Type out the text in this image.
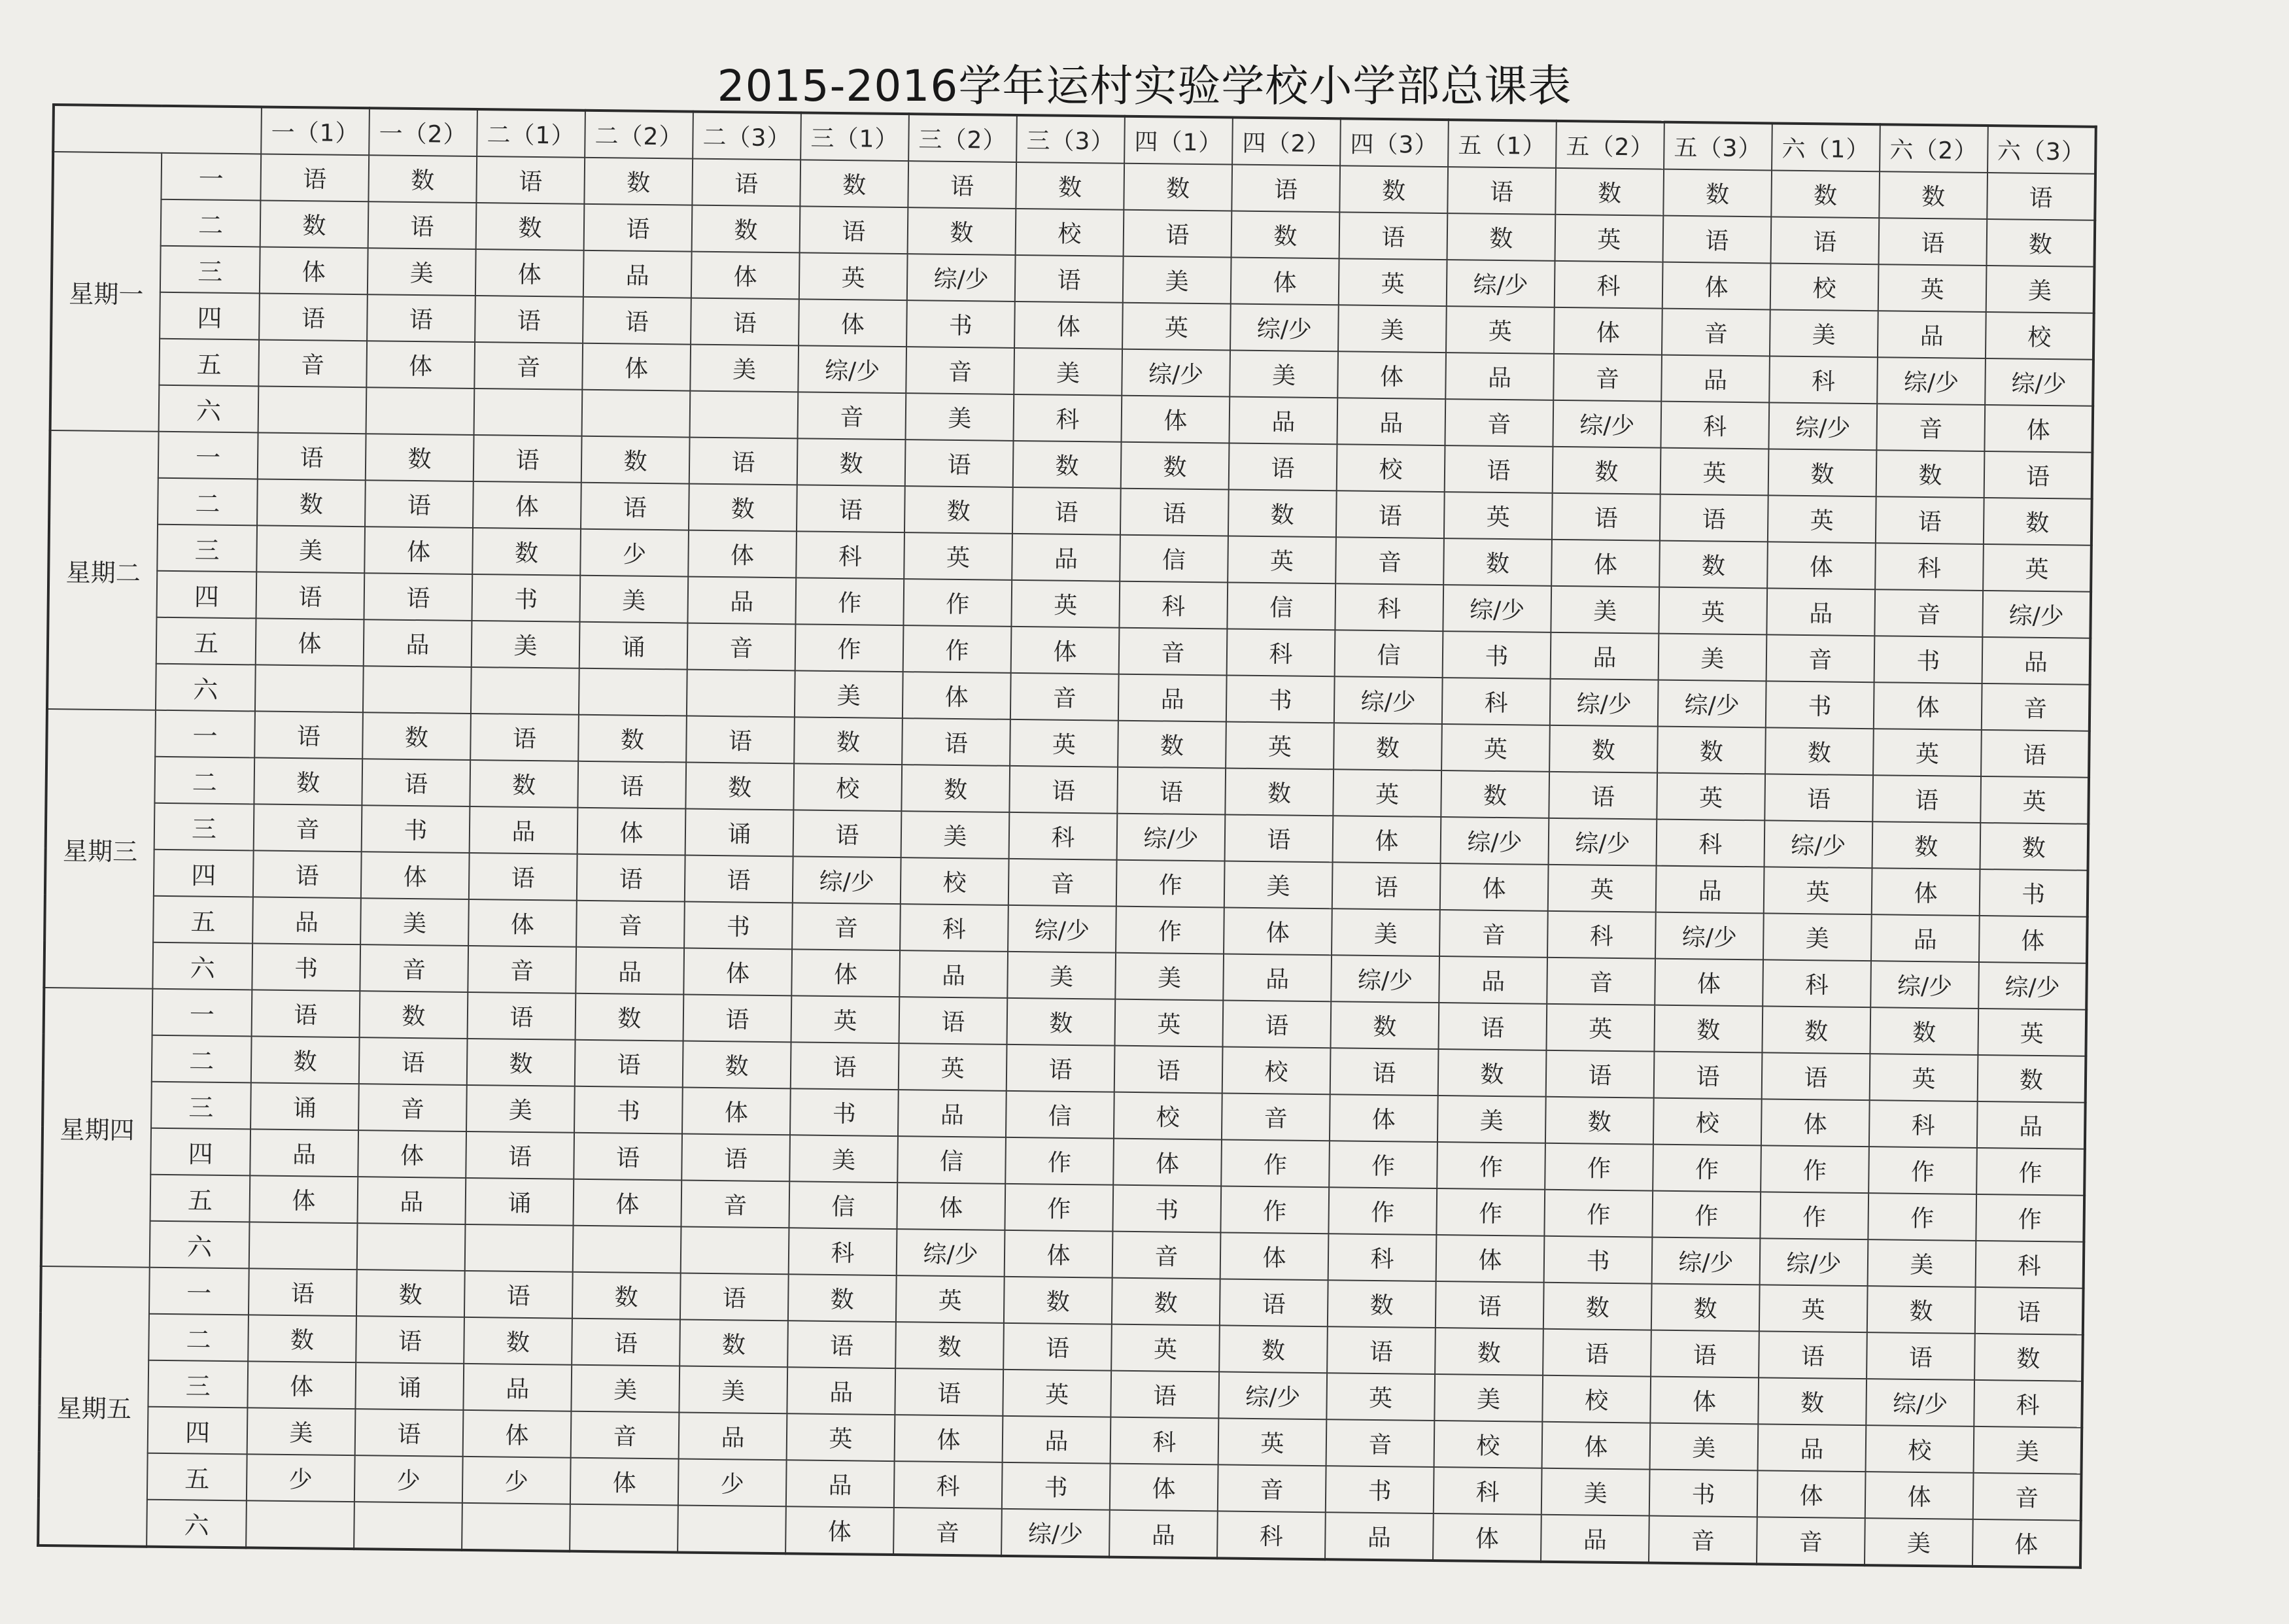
2015-2016学年运村实验学校小学部总课表
		一（1）	一（2）	二（1）	二（2）	二（3）	三（1）	三（2）	三（3）	四（1）	四（2）	四（3）	五（1）	五（2）	五（3）	六（1）	六（2）	六（3）
星期一	一	语	数	语	数	语	数	语	数	数	语	数	语	数	数	数	数	语
	二	数	语	数	语	数	语	数	校	语	数	语	数	英	语	语	语	数
	三	体	美	体	品	体	英	综/少	语	美	体	英	综/少	科	体	校	英	美
	四	语	语	语	语	语	体	书	体	英	综/少	美	英	体	音	美	品	校
	五	音	体	音	体	美	综/少	音	美	综/少	美	体	品	音	品	科	综/少	综/少
	六						音	美	科	体	品	品	音	综/少	科	综/少	音	体
星期二	一	语	数	语	数	语	数	语	数	数	语	校	语	数	英	数	数	语
	二	数	语	体	语	数	语	数	语	语	数	语	英	语	语	英	语	数
	三	美	体	数	少	体	科	英	品	信	英	音	数	体	数	体	科	英
	四	语	语	书	美	品	作	作	英	科	信	科	综/少	美	英	品	音	综/少
	五	体	品	美	诵	音	作	作	体	音	科	信	书	品	美	音	书	品
	六						美	体	音	品	书	综/少	科	综/少	综/少	书	体	音
星期三	一	语	数	语	数	语	数	语	英	数	英	数	英	数	数	数	英	语
	二	数	语	数	语	数	校	数	语	语	数	英	数	语	英	语	语	英
	三	音	书	品	体	诵	语	美	科	综/少	语	体	综/少	综/少	科	综/少	数	数
	四	语	体	语	语	语	综/少	校	音	作	美	语	体	英	品	英	体	书
	五	品	美	体	音	书	音	科	综/少	作	体	美	音	科	综/少	美	品	体
	六	书	音	音	品	体	体	品	美	美	品	综/少	品	音	体	科	综/少	综/少
星期四	一	语	数	语	数	语	英	语	数	英	语	数	语	英	数	数	数	英
	二	数	语	数	语	数	语	英	语	语	校	语	数	语	语	语	英	数
	三	诵	音	美	书	体	书	品	信	校	音	体	美	数	校	体	科	品
	四	品	体	语	语	语	美	信	作	体	作	作	作	作	作	作	作	作
	五	体	品	诵	体	音	信	体	作	书	作	作	作	作	作	作	作	作
	六						科	综/少	体	音	体	科	体	书	综/少	综/少	美	科
星期五	一	语	数	语	数	语	数	英	数	数	语	数	语	数	数	英	数	语
	二	数	语	数	语	数	语	数	语	英	数	语	数	语	语	语	语	数
	三	体	诵	品	美	美	品	语	英	语	综/少	英	美	校	体	数	综/少	科
	四	美	语	体	音	品	英	体	品	科	英	音	校	体	美	品	校	美
	五	少	少	少	体	少	品	科	书	体	音	书	科	美	书	体	体	音
	六						体	音	综/少	品	科	品	体	品	音	音	美	体
